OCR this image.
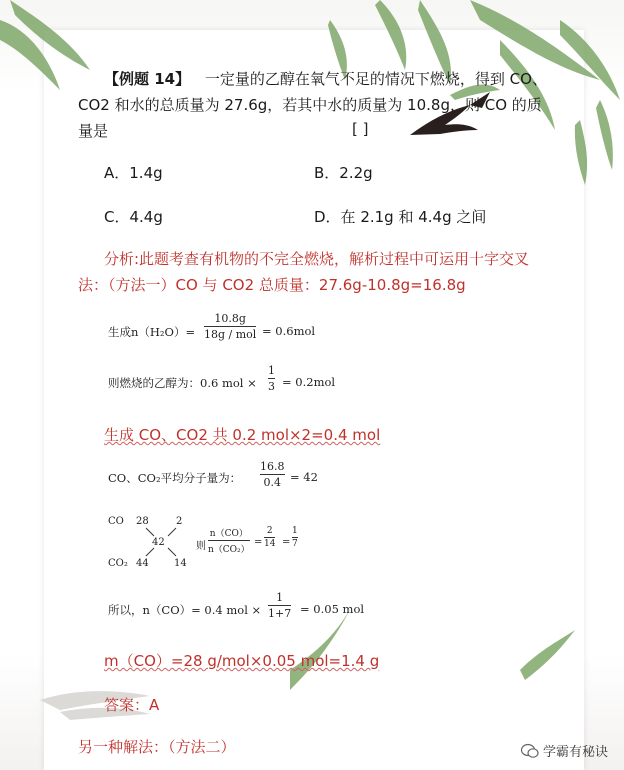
【例题 14】 一定量的乙醇在氧气不足的情况下燃烧，得到 CO、
CO2 和水的总质量为 27.6g，若其中水的质量为 10.8g，则 CO 的质
量是	[ ]
A．1.4g	B．2.2g
C．4.4g	D．在 2.1g 和 4.4g 之间
分析:此题考查有机物的不完全燃烧，解析过程中可运用十字交叉
法：（方法一）CO 与 CO2 总质量：27.6g-10.8g=16.8g
生成n（H₂O）=
10.8g
18g / mol = 0.6mol
则燃烧的乙醇为：0.6 mol ×
1
3 = 0.2mol
生成 CO、CO2 共 0.2 mol×2=0.4 mol
CO、CO₂平均分子量为：
16.8
0.4 = 42
CO
CO₂
28
44
42
2
14
则
n（CO）
n（CO₂）
=
2
14 =
1
7
所以，n（CO）= 0.4 mol ×
1
1+7 = 0.05 mol
m（CO）=28 g/mol×0.05 mol=1.4 g
答案：A
另一种解法：（方法二）	学霸有秘诀
